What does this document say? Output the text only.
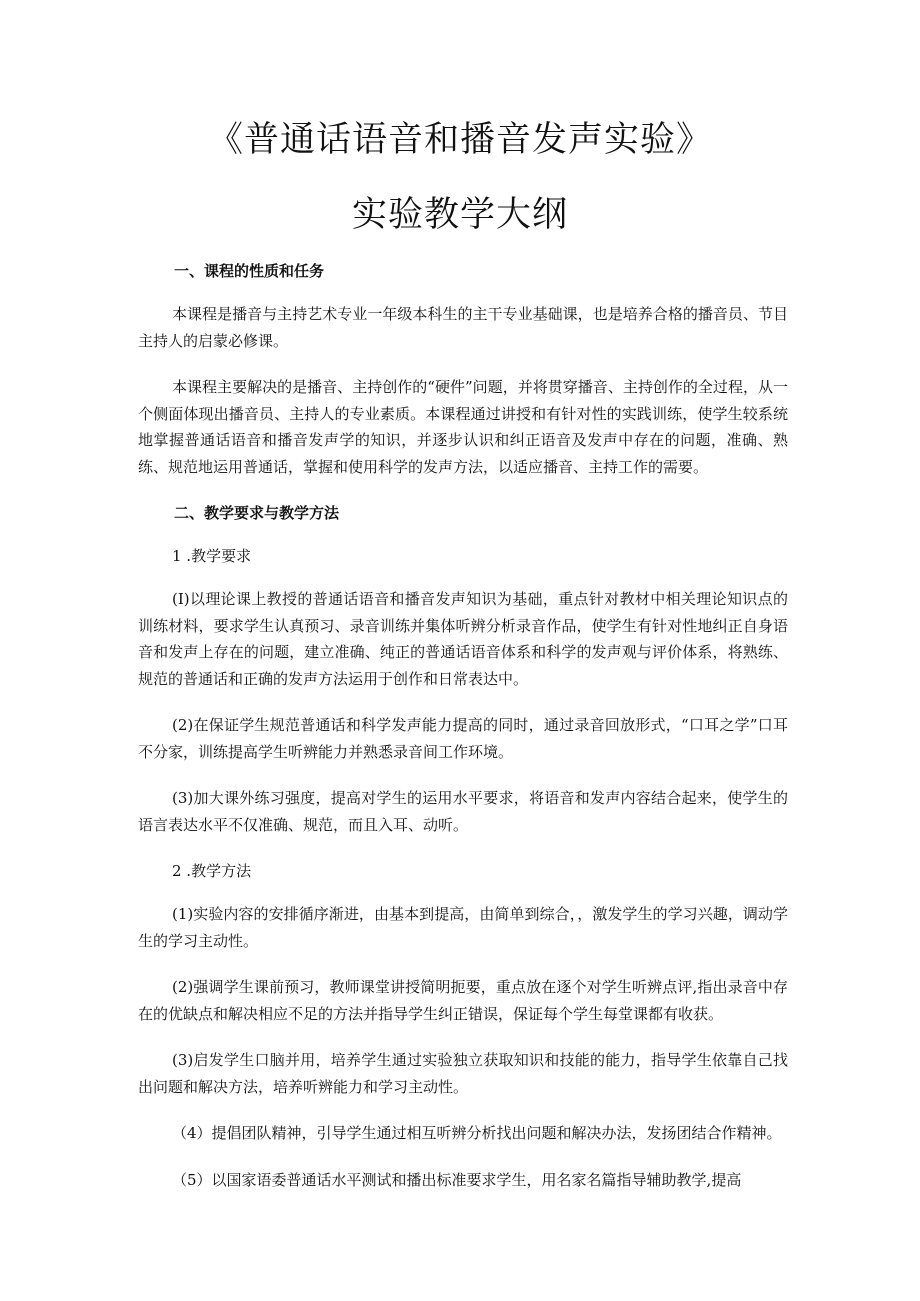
《普通话语音和播音发声实验》
实验教学大纲

一、课程的性质和任务

本课程是播音与主持艺术专业一年级本科生的主干专业基础课，也是培养合格的播音员、节目主持人的启蒙必修课。

本课程主要解决的是播音、主持创作的“硬件”问题，并将贯穿播音、主持创作的全过程，从一个侧面体现出播音员、主持人的专业素质。本课程通过讲授和有针对性的实践训练，使学生较系统地掌握普通话语音和播音发声学的知识，并逐步认识和纠正语音及发声中存在的问题，准确、熟练、规范地运用普通话，掌握和使用科学的发声方法，以适应播音、主持工作的需要。

二、教学要求与教学方法

1 .教学要求

(I)以理论课上教授的普通话语音和播音发声知识为基础，重点针对教材中相关理论知识点的训练材料，要求学生认真预习、录音训练并集体听辨分析录音作品，使学生有针对性地纠正自身语音和发声上存在的问题，建立准确、纯正的普通话语音体系和科学的发声观与评价体系，将熟练、规范的普通话和正确的发声方法运用于创作和日常表达中。

(2)在保证学生规范普通话和科学发声能力提高的同时，通过录音回放形式，“口耳之学”口耳不分家，训练提高学生听辨能力并熟悉录音间工作环境。

(3)加大课外练习强度，提高对学生的运用水平要求，将语音和发声内容结合起来，使学生的语言表达水平不仅准确、规范，而且入耳、动听。

2 .教学方法

(1)实验内容的安排循序渐进，由基本到提高，由简单到综合，，激发学生的学习兴趣，调动学生的学习主动性。

(2)强调学生课前预习，教师课堂讲授简明扼要，重点放在逐个对学生听辨点评,指出录音中存在的优缺点和解决相应不足的方法并指导学生纠正错误，保证每个学生每堂课都有收获。

(3)启发学生口脑并用，培养学生通过实验独立获取知识和技能的能力，指导学生依靠自己找出问题和解决方法，培养听辨能力和学习主动性。

（4）提倡团队精神，引导学生通过相互听辨分析找出问题和解决办法，发扬团结合作精神。

（5）以国家语委普通话水平测试和播出标准要求学生，用名家名篇指导辅助教学,提高
